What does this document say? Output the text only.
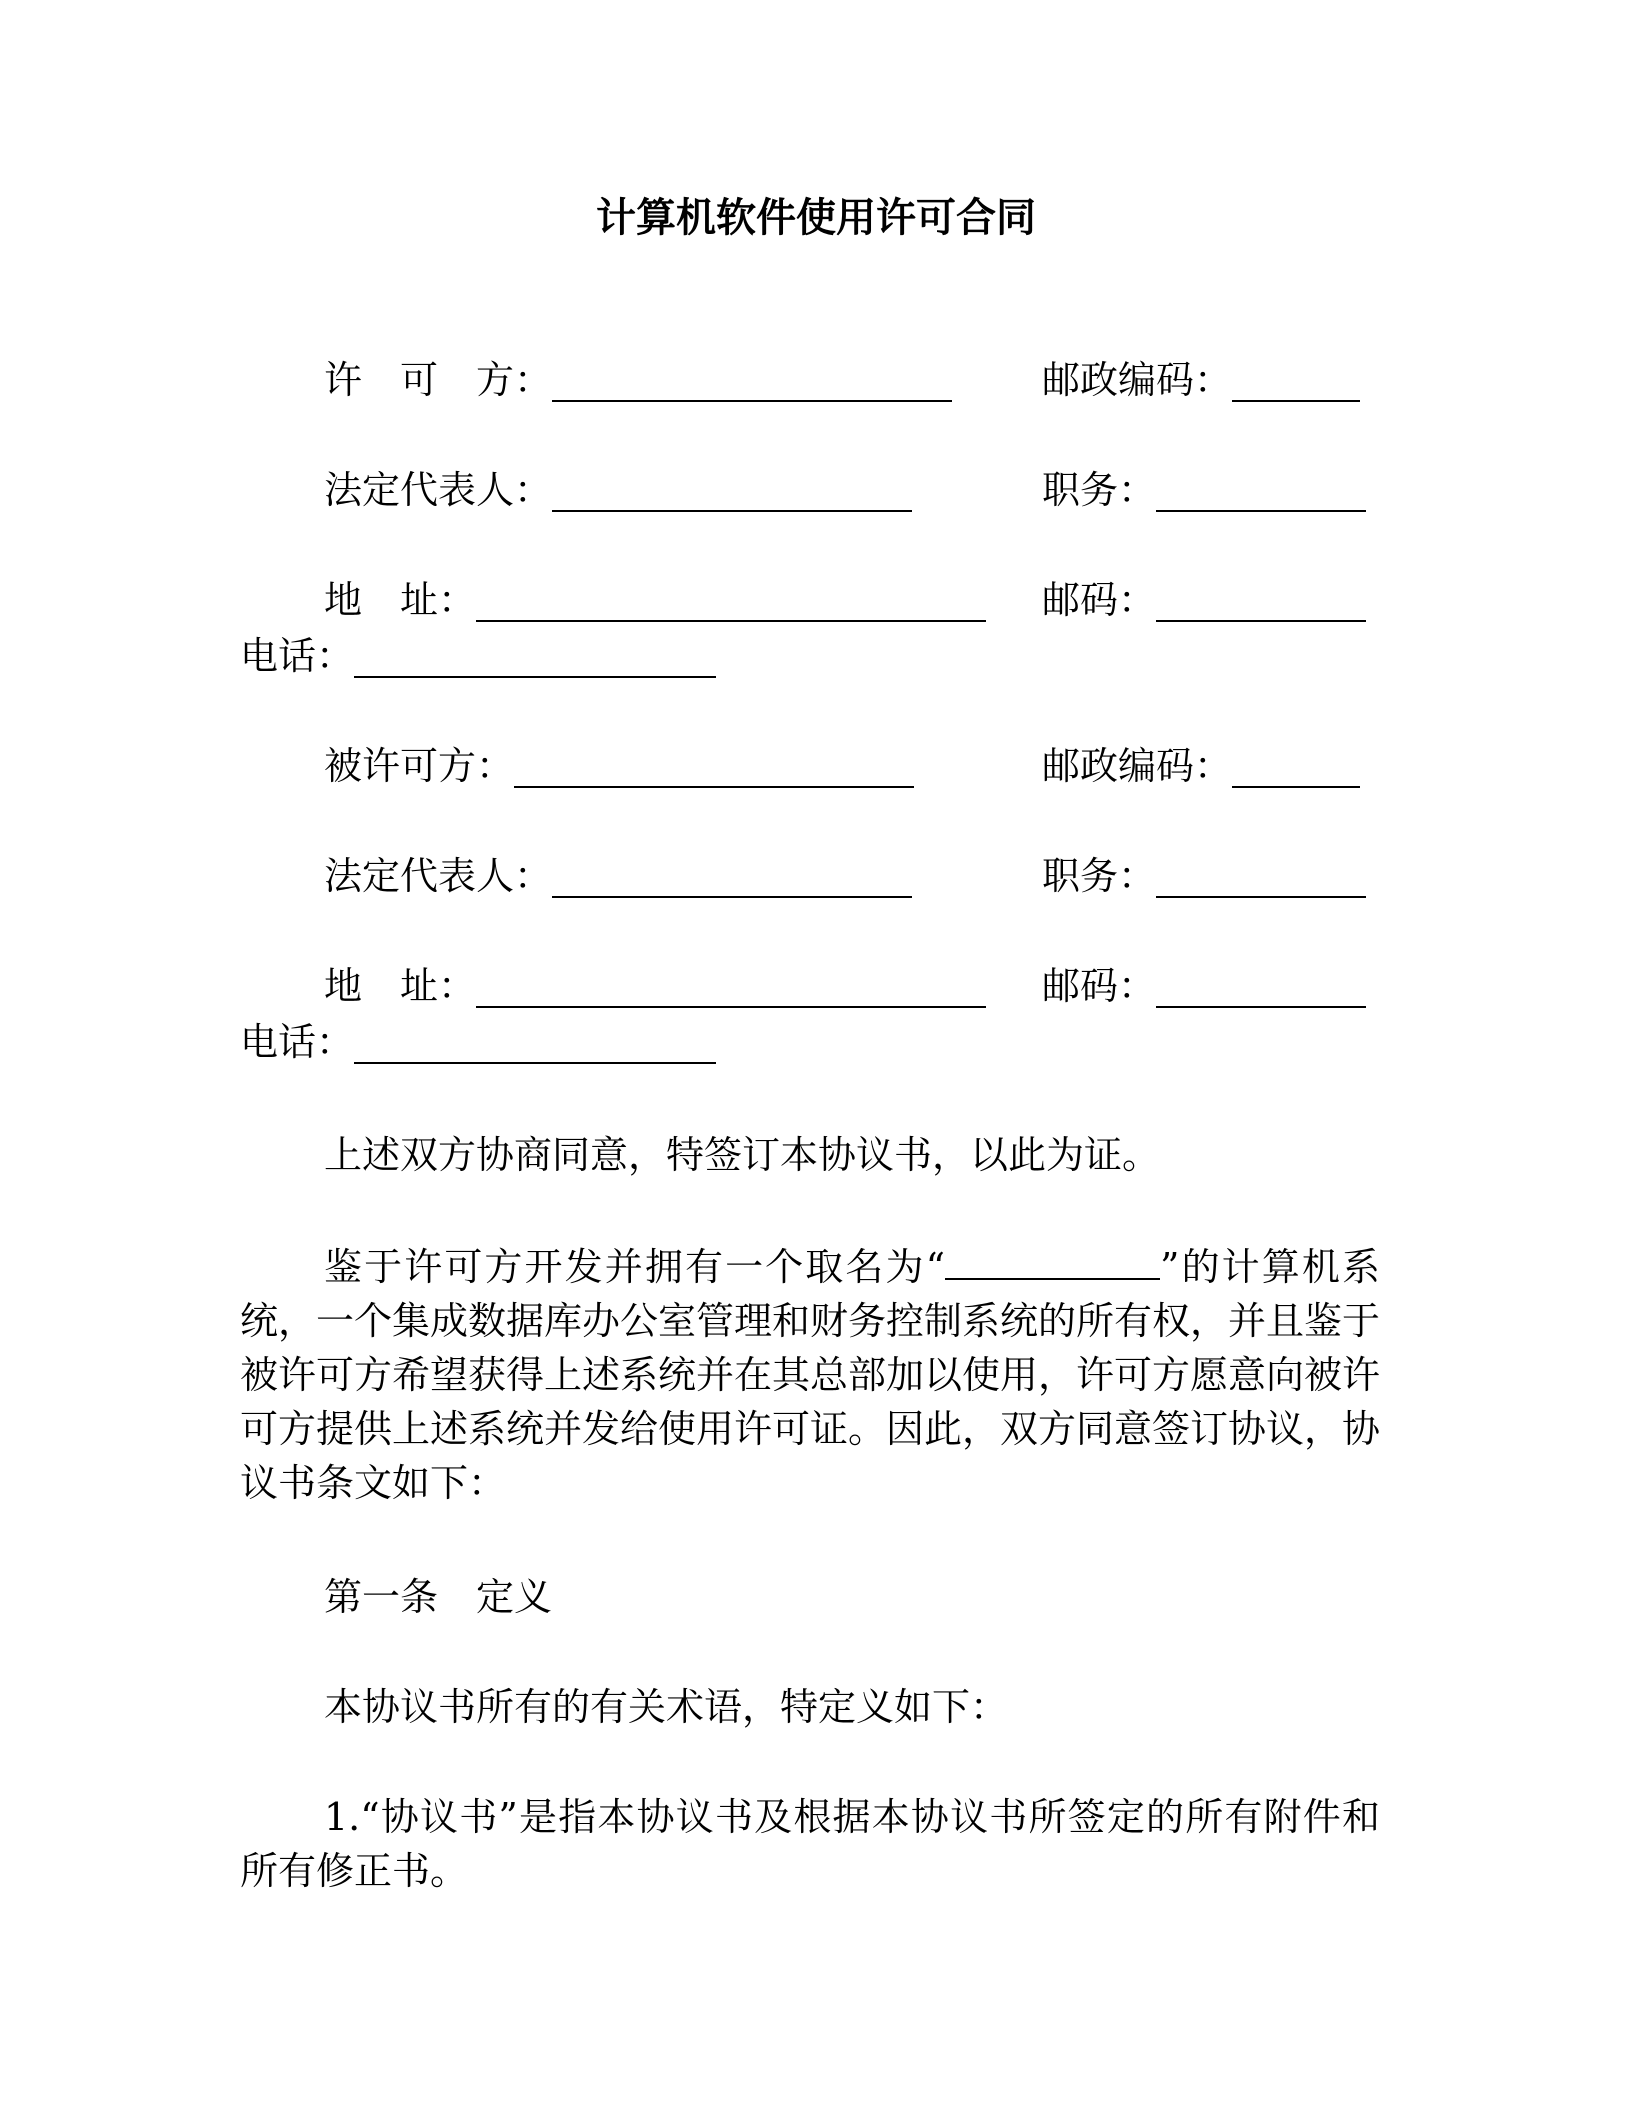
计算机软件使用许可合同
许　可　方：	邮政编码：
法定代表人：	职务：
地　址：	邮码：
电话：
被许可方：	邮政编码：
法定代表人：	职务：
地　址：	邮码：
电话：

上述双方协商同意，特签订本协议书，以此为证。

鉴于许可方开发并拥有一个取名为“	”的计算机系统，一个集成数据库办公室管理和财务控制系统的所有权，并且鉴于被许可方希望获得上述系统并在其总部加以使用，许可方愿意向被许可方提供上述系统并发给使用许可证。因此，双方同意签订协议，协议书条文如下：

第一条　定义

本协议书所有的有关术语，特定义如下：

1.“协议书”是指本协议书及根据本协议书所签定的所有附件和所有修正书。
